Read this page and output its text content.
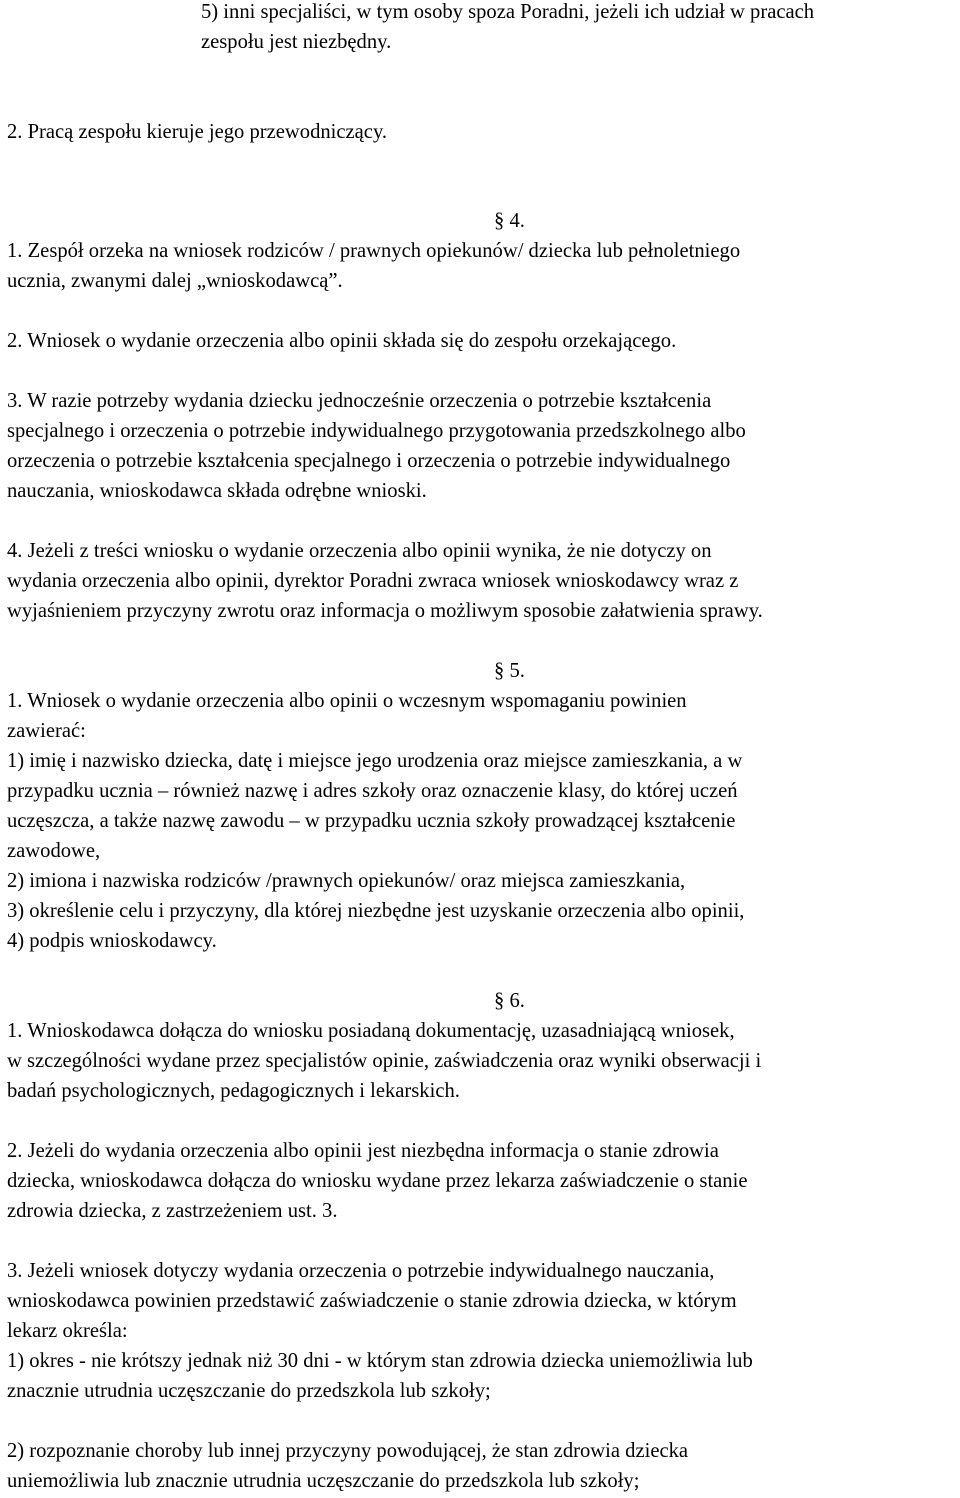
5) inni specjaliści, w tym osoby spoza Poradni, jeżeli ich udział w pracach
zespołu jest niezbędny.
2. Pracą zespołu kieruje jego przewodniczący.
§ 4.
1. Zespół orzeka na wniosek rodziców / prawnych opiekunów/ dziecka lub pełnoletniego
ucznia, zwanymi dalej „wnioskodawcą”.
2. Wniosek o wydanie orzeczenia albo opinii składa się do zespołu orzekającego.
3. W razie potrzeby wydania dziecku jednocześnie orzeczenia o potrzebie kształcenia
specjalnego i orzeczenia o potrzebie indywidualnego przygotowania przedszkolnego albo
orzeczenia o potrzebie kształcenia specjalnego i orzeczenia o potrzebie indywidualnego
nauczania, wnioskodawca składa odrębne wnioski.
4. Jeżeli z treści wniosku o wydanie orzeczenia albo opinii wynika, że nie dotyczy on
wydania orzeczenia albo opinii, dyrektor Poradni zwraca wniosek wnioskodawcy wraz z
wyjaśnieniem przyczyny zwrotu oraz informacja o możliwym sposobie załatwienia sprawy.
§ 5.
1. Wniosek o wydanie orzeczenia albo opinii o wczesnym wspomaganiu powinien
zawierać:
1) imię i nazwisko dziecka, datę i miejsce jego urodzenia oraz miejsce zamieszkania, a w
przypadku ucznia – również nazwę i adres szkoły oraz oznaczenie klasy, do której uczeń
uczęszcza, a także nazwę zawodu – w przypadku ucznia szkoły prowadzącej kształcenie
zawodowe,
2) imiona i nazwiska rodziców /prawnych opiekunów/ oraz miejsca zamieszkania,
3) określenie celu i przyczyny, dla której niezbędne jest uzyskanie orzeczenia albo opinii,
4) podpis wnioskodawcy.
§ 6.
1. Wnioskodawca dołącza do wniosku posiadaną dokumentację, uzasadniającą wniosek,
w szczególności wydane przez specjalistów opinie, zaświadczenia oraz wyniki obserwacji i
badań psychologicznych, pedagogicznych i lekarskich.
2. Jeżeli do wydania orzeczenia albo opinii jest niezbędna informacja o stanie zdrowia
dziecka, wnioskodawca dołącza do wniosku wydane przez lekarza zaświadczenie o stanie
zdrowia dziecka, z zastrzeżeniem ust. 3.
3. Jeżeli wniosek dotyczy wydania orzeczenia o potrzebie indywidualnego nauczania,
wnioskodawca powinien przedstawić zaświadczenie o stanie zdrowia dziecka, w którym
lekarz określa:
1) okres - nie krótszy jednak niż 30 dni - w którym stan zdrowia dziecka uniemożliwia lub
znacznie utrudnia uczęszczanie do przedszkola lub szkoły;
2) rozpoznanie choroby lub innej przyczyny powodującej, że stan zdrowia dziecka
uniemożliwia lub znacznie utrudnia uczęszczanie do przedszkola lub szkoły;
